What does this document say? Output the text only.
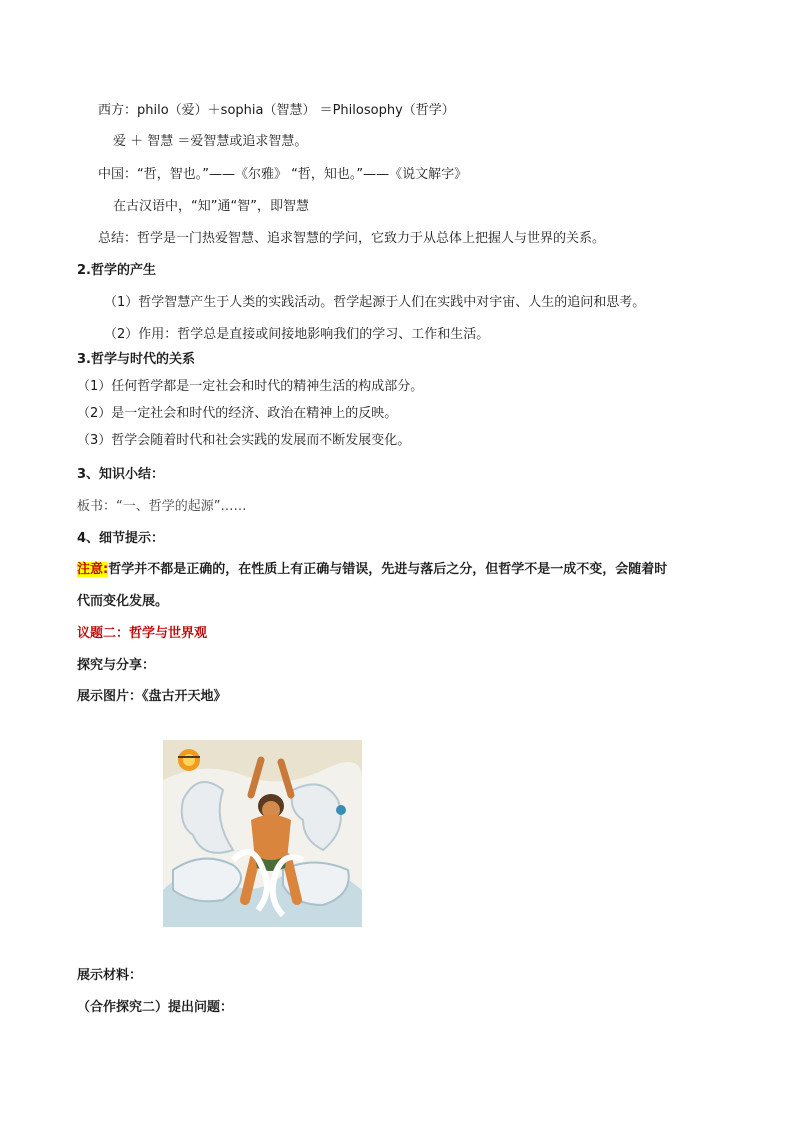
西方：philo（爱）＋sophia（智慧） ＝Philosophy（哲学）
爱 ＋ 智慧 ＝爱智慧或追求智慧。
中国：“哲，智也。”——《尔雅》 “哲，知也。”——《说文解字》
在古汉语中，“知”通“智”，即智慧
总结：哲学是一门热爱智慧、追求智慧的学问，它致力于从总体上把握人与世界的关系。
2.哲学的产生
（1）哲学智慧产生于人类的实践活动。哲学起源于人们在实践中对宇宙、人生的追问和思考。
（2）作用：哲学总是直接或间接地影响我们的学习、工作和生活。
3.哲学与时代的关系
（1）任何哲学都是一定社会和时代的精神生活的构成部分。
（2）是一定社会和时代的经济、政治在精神上的反映。
（3）哲学会随着时代和社会实践的发展而不断发展变化。
3、知识小结：
板书：“一、哲学的起源”……
4、细节提示：
注意:哲学并不都是正确的，在性质上有正确与错误，先进与落后之分，但哲学不是一成不变，会随着时
代而变化发展。
议题二：哲学与世界观
探究与分享：
展示图片：《盘古开天地》
展示材料：
（合作探究二）提出问题：
